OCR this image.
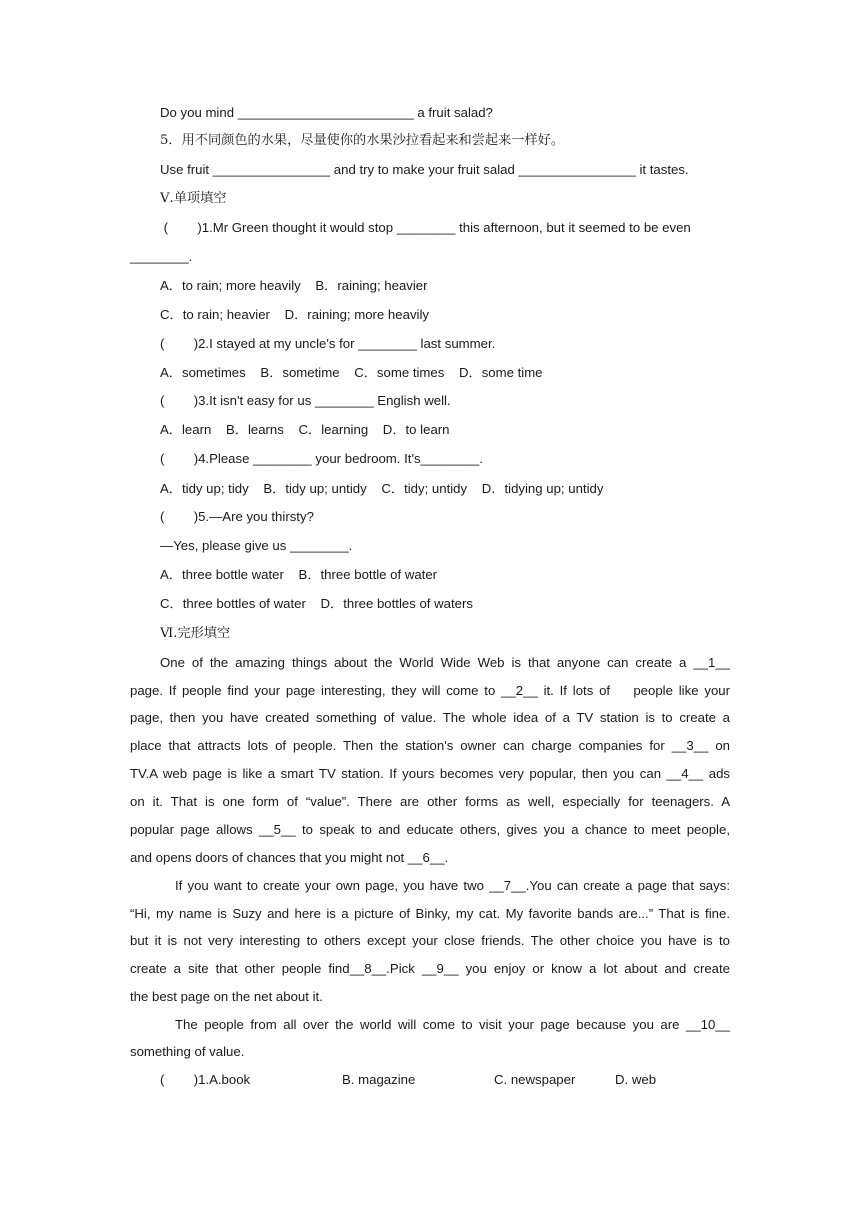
Do you mind ________________________ a fruit salad?
5．用不同颜色的水果，尽量使你的水果沙拉看起来和尝起来一样好。
Use fruit ________________ and try to make your fruit salad ________________ it tastes.
Ⅴ.单项填空
(        )1.Mr Green thought it would stop ________ this afternoon, but it seemed to be even
________.
A．to rain; more heavily    B．raining; heavier
C．to rain; heavier    D．raining; more heavily
(        )2.I stayed at my uncle's for ________ last summer.
A．sometimes    B．sometime    C．some times    D．some time
(        )3.It isn't easy for us ________ English well.
A．learn    B．learns    C．learning    D．to learn
(        )4.Please ________ your bedroom. It's________.
A．tidy up; tidy    B．tidy up; untidy    C．tidy; untidy    D．tidying up; untidy
(        )5.—Are you thirsty?
—Yes, please give us ________.
A．three bottle water    B．three bottle of water
C．three bottles of water    D．three bottles of waters
Ⅵ.完形填空
One of the amazing things about the World Wide Web is that anyone can create a __1__
page. If people find your page interesting, they will come to __2__ it. If lots of    people like your
page, then you have created something of value. The whole idea of a TV station is to create a
place that attracts lots of people. Then the station's owner can charge companies for __3__ on
TV.A web page is like a smart TV station. If yours becomes very popular, then you can __4__ ads
on it. That is one form of “value”. There are other forms as well, especially for teenagers. A
popular page allows __5__ to speak to and educate others, gives you a chance to meet people,
and opens doors of chances that you might not __6__.
If you want to create your own page, you have two __7__.You can create a page that says:
“Hi, my name is Suzy and here is a picture of Binky, my cat. My favorite bands are...” That is fine.
but it is not very interesting to others except your close friends. The other choice you have is to
create a site that other people find__8__.Pick __9__ you enjoy or know a lot about and create
the best page on the net about it.
The people from all over the world will come to visit your page because you are __10__
something of value.
(        )1.A.book	B. magazine	C. newspaper	D. web
